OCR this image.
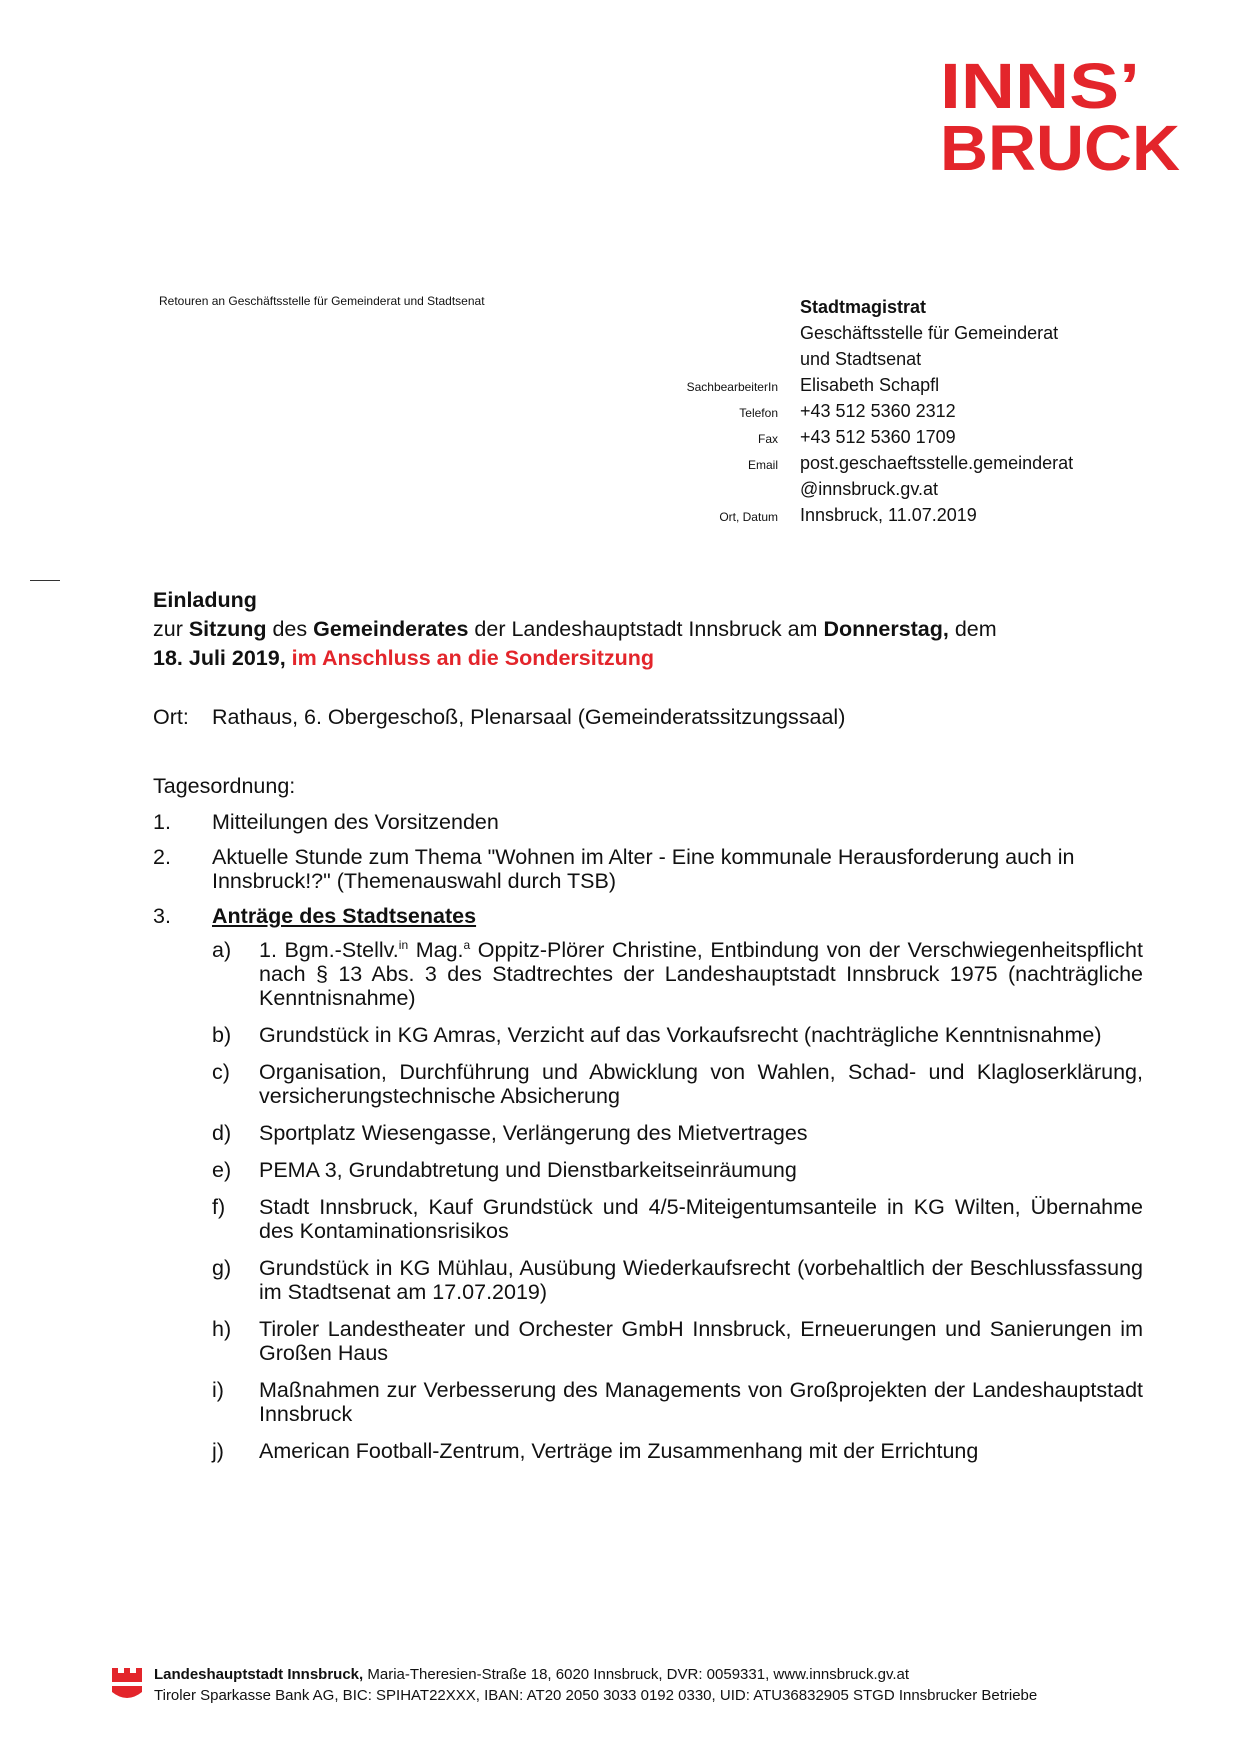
INNS’
BRUCK
Retouren an Geschäftsstelle für Gemeinderat und Stadtsenat	Stadtmagistrat
Geschäftsstelle für Gemeinderat
und Stadtsenat
SachbearbeiterIn	Elisabeth Schapfl
Telefon	+43 512 5360 2312
Fax	+43 512 5360 1709
Email	post.geschaeftsstelle.gemeinderat
@innsbruck.gv.at
Ort, Datum	Innsbruck, 11.07.2019
Einladung
zur Sitzung des Gemeinderates der Landeshauptstadt Innsbruck am Donnerstag, dem
18. Juli 2019, im Anschluss an die Sondersitzung
Ort:	Rathaus, 6. Obergeschoß, Plenarsaal (Gemeinderatssitzungssaal)
Tagesordnung:
1.	Mitteilungen des Vorsitzenden
2.	Aktuelle Stunde zum Thema "Wohnen im Alter - Eine kommunale Herausforderung auch in Innsbruck!?" (Themenauswahl durch TSB)
3.	Anträge des Stadtsenates
a)	1. Bgm.-Stellv.$^{in}$ Mag.$^a$ Oppitz-Plörer Christine, Entbindung von der Verschwiegenheitspflicht nach § 13 Abs. 3 des Stadtrechtes der Landeshauptstadt Innsbruck 1975 (nachträgliche Kenntnisnahme)
b)	Grundstück in KG Amras, Verzicht auf das Vorkaufsrecht (nachträgliche Kenntnisnahme)
c)	Organisation, Durchführung und Abwicklung von Wahlen, Schad- und Klagloserklärung, versicherungstechnische Absicherung
d)	Sportplatz Wiesengasse, Verlängerung des Mietvertrages
e)	PEMA 3, Grundabtretung und Dienstbarkeitseinräumung
f)	Stadt Innsbruck, Kauf Grundstück und 4/5-Miteigentumsanteile in KG Wilten, Übernahme des Kontaminationsrisikos
g)	Grundstück in KG Mühlau, Ausübung Wiederkaufsrecht (vorbehaltlich der Beschlussfassung im Stadtsenat am 17.07.2019)
h)	Tiroler Landestheater und Orchester GmbH Innsbruck, Erneuerungen und Sanierungen im Großen Haus
i)	Maßnahmen zur Verbesserung des Managements von Großprojekten der Landeshauptstadt Innsbruck
j)	American Football-Zentrum, Verträge im Zusammenhang mit der Errichtung
Landeshauptstadt Innsbruck, Maria-Theresien-Straße 18, 6020 Innsbruck, DVR: 0059331, www.innsbruck.gv.at
Tiroler Sparkasse Bank AG, BIC: SPIHAT22XXX, IBAN: AT20 2050 3033 0192 0330, UID: ATU36832905 STGD Innsbrucker Betriebe
